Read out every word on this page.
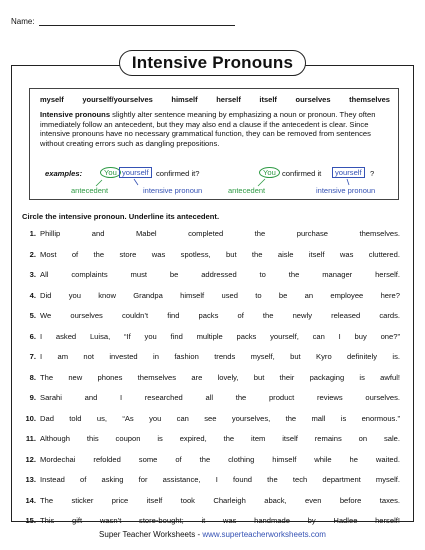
Name:
Intensive Pronouns
myself yourself/yourselves himself herself itself ourselves themselves
Intensive pronouns slightly alter sentence meaning by emphasizing a noun or pronoun. They often immediately follow an antecedent, but they may also end a clause if the antecedent is clear. Since intensive pronouns have no necessary grammatical function, they can be removed from sentences without creating errors such as dangling prepositions.
examples:	You yourself confirmed it?	You confirmed it	yourself	?
antecedent	intensive pronoun	antecedent	intensive pronoun
Circle the intensive pronoun. Underline its antecedent.
1. Phillip and Mabel completed the purchase themselves.
2. Most of the store was spotless, but the aisle itself was cluttered.
3. All complaints must be addressed to the manager herself.
4. Did you know Grandpa himself used to be an employee here?
5. We ourselves couldn’t find packs of the newly released cards.
6. I asked Luisa, “If you find multiple packs yourself, can I buy one?”
7. I am not invested in fashion trends myself, but Kyro definitely is.
8. The new phones themselves are lovely, but their packaging is awful!
9. Sarahi and I researched all the product reviews ourselves.
10. Dad told us, “As you can see yourselves, the mall is enormous.”
11. Although this coupon is expired, the item itself remains on sale.
12. Mordechai refolded some of the clothing himself while he waited.
13. Instead of asking for assistance, I found the tech department myself.
14. The sticker price itself took Charleigh aback, even before taxes.
15. This gift wasn’t store-bought; it was handmade by Hadlee herself!
Super Teacher Worksheets - www.superteacherworksheets.com
